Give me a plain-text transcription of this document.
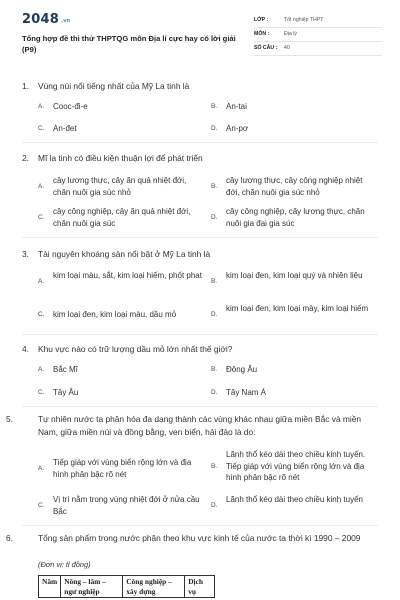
2048 .vn
Tổng hợp đề thi thử THPTQG môn Địa lí cực hay có lời giải (P9)
LỚP :	Tốt nghiệp THPT
MÔN :	Địa lý
SỐ CÂU : 40
1. Vùng núi nổi tiếng nhất của Mỹ La tinh là
A. Cooc-đi-e	B. An-tai
C. An-đet	D. An-pơ
2. Mĩ la tinh có điều kiện thuận lợi để phát triển
A.
cây lương thực, cây ăn quả nhiệt đới, chăn nuôi gia súc nhỏ
B.
cây lương thực, cây công nghiệp nhiệt đới, chăn nuôi gia súc nhỏ
C.
cây công nghiệp, cây ăn quả nhiệt đới, chăn nuôi gia súc
D.
cây công nghiệp, cây lương thực, chăn nuôi gia đại gia súc
3. Tài nguyên khoáng sản nổi bật ở Mỹ La tinh là
A.
kim loại màu, sắt, kim loại hiếm, phốt phat
B.
kim loại đen, kim loại quý và nhiên liệu
C. kim loại đen, kim loại màu, dầu mỏ	D.
kim loại đen, kim loại mày, kim loại hiếm
4. Khu vực nào có trữ lượng dầu mỏ lớn nhất thế giới?
A. Bắc Mĩ	B. Đông Âu
C. Tây Âu	D. Tây Nam Á
5.	Tự nhiên nước ta phân hóa đa dạng thành các vùng khác nhau giữa miền Bắc và miền Nam, giữa miền núi và đồng bằng, ven biển, hải đảo là do:
A.
Tiếp giáp với vùng biển rộng lớn và địa hình phân bậc rõ nét
B.
Lãnh thổ kéo dài theo chiều kinh tuyến. Tiếp giáp với vùng biển rộng lớn và địa hình phân bậc rõ nét
C.
Vị trí nằm trong vùng nhiệt đới ở nửa cầu Bắc
D.
Lãnh thổ kéo dài theo chiều kinh tuyến
6.	Tổng sản phẩm trong nước phân theo khu vực kinh tế của nước ta thời kì 1990 – 2009
(Đơn vị: tỉ đồng)
Năm	Nông – lâm – ngư nghiệp	Công nghiệp – xây dựng	Dịch vụ
